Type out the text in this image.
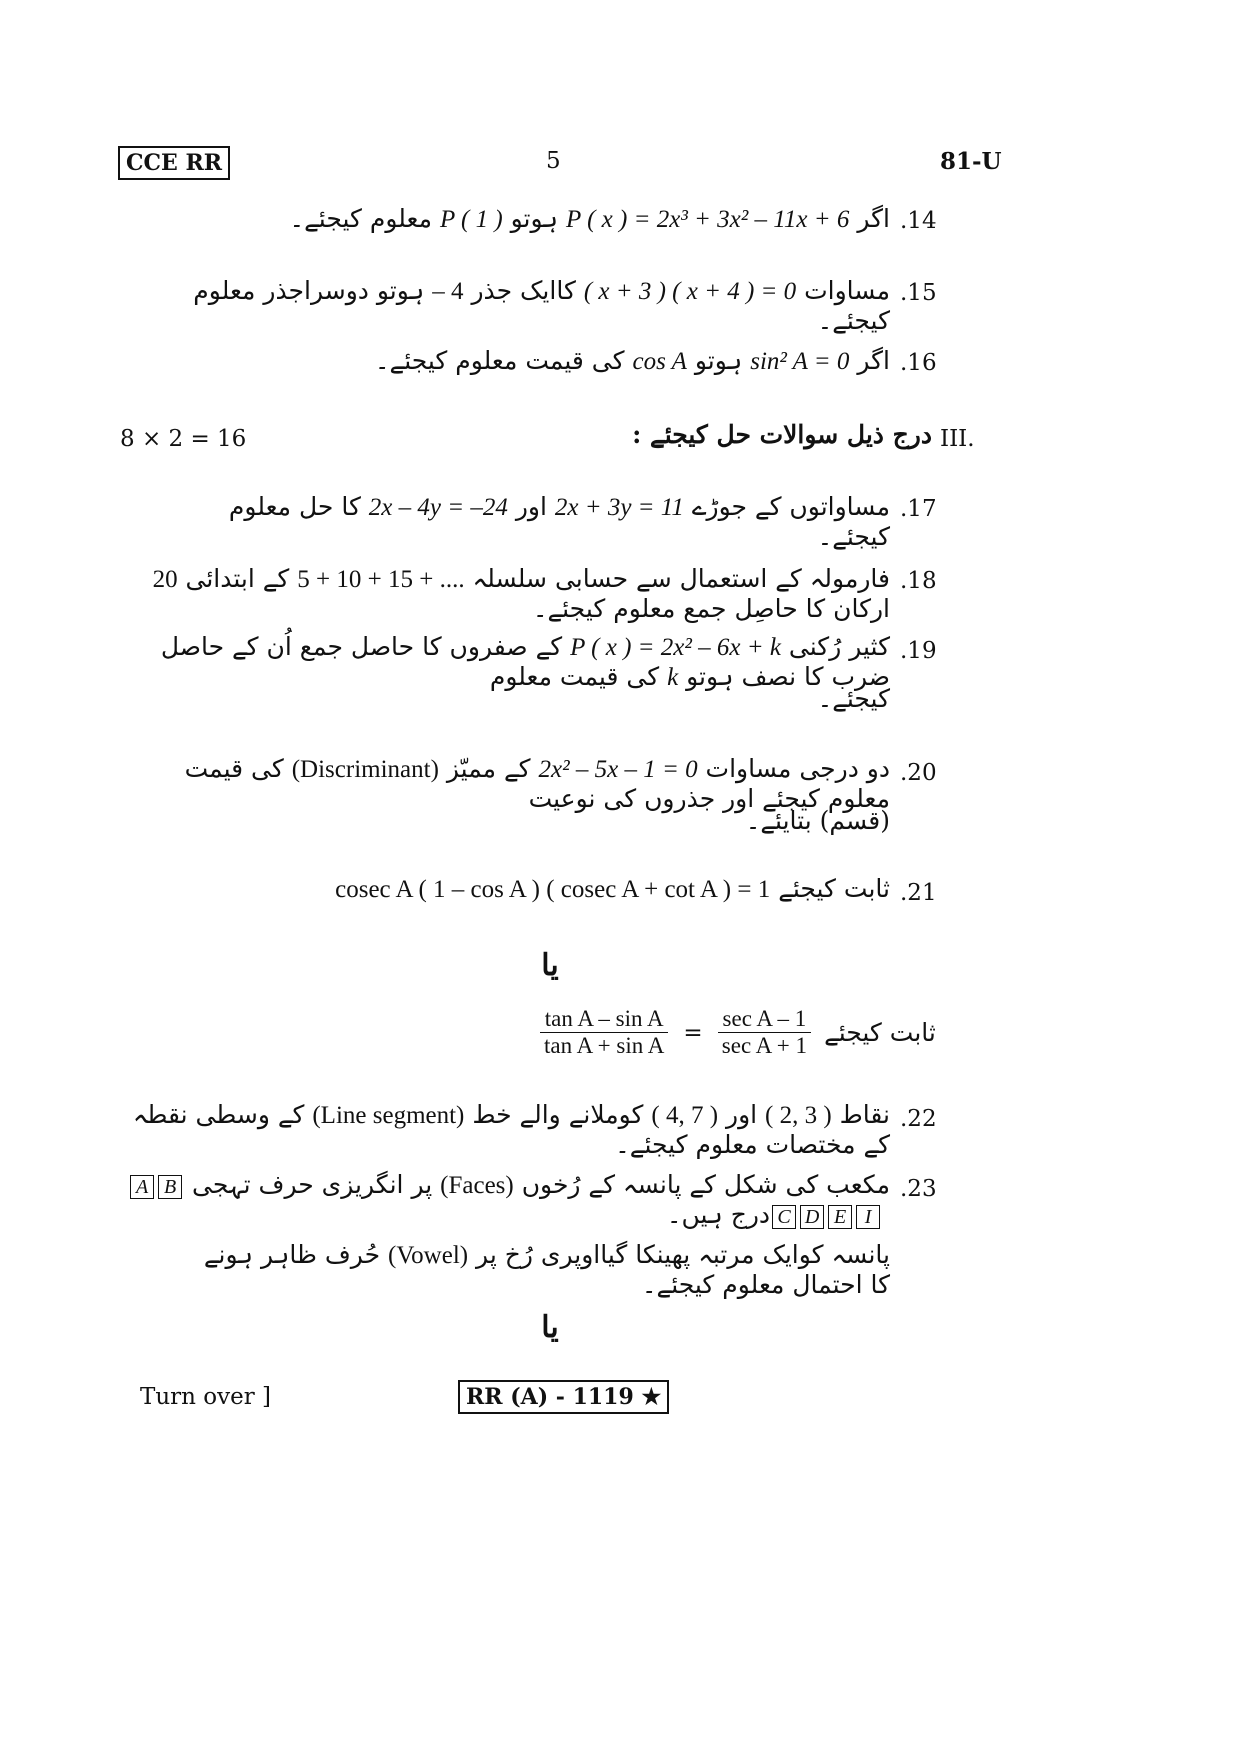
CCE RR	5	81-U
.14
اگر P ( x ) = 2x³ + 3x² – 11x + 6 ہوتو P ( 1 ) معلوم کیجئے۔
.15
مساوات ( x + 3 ) ( x + 4 ) = 0 کاایک جذر – 4 ہوتو دوسراجذر معلوم کیجئے۔
.16
اگر sin² A = 0 ہوتو cos A کی قیمت معلوم کیجئے۔
8 × 2 = 16	درج ذیل سوالات حل کیجئے : III.
.17
مساواتوں کے جوڑے 2x + 3y = 11 اور 2x – 4y = –24 کا حل معلوم کیجئے۔
.18
فارمولہ کے استعمال سے حسابی سلسلہ 5 + 10 + 15 + .... کے ابتدائی 20 ارکان کا حاصِل جمع معلوم کیجئے۔
.19
کثیر رُکنی P ( x ) = 2x² – 6x + k کے صفروں کا حاصل جمع اُن کے حاصل ضرب کا نصف ہوتو k کی قیمت معلوم
کیجئے۔
.20
دو درجی مساوات 2x² – 5x – 1 = 0 کے ممیّز (Discriminant) کی قیمت معلوم کیجئے اور جذروں کی نوعیت
(قسم) بتایئے۔
.21
ثابت کیجئے cosec A ( 1 – cos A ) ( cosec A + cot A ) = 1
یا
$\frac{\text{tan A – sin A}}{\text{tan A + sin A}} = \frac{\text{sec A – 1}}{\text{sec A + 1}}$ ثابت کیجئے
.22
نقاط ( 2, 3 ) اور ( 4, 7 ) کوملانے والے خط (Line segment) کے وسطی نقطہ کے مختصات معلوم کیجئے۔
.23
مکعب کی شکل کے پانسہ کے رُخوں (Faces) پر انگریزی حرف تہجی A BC D E I درج ہیں۔
پانسہ کوایک مرتبہ پھینکا گیااوپری رُخ پر (Vowel) حُرف ظاہر ہونے کا احتمال معلوم کیجئے۔
یا
Turn over ]	RR (A) - 1119 ★
